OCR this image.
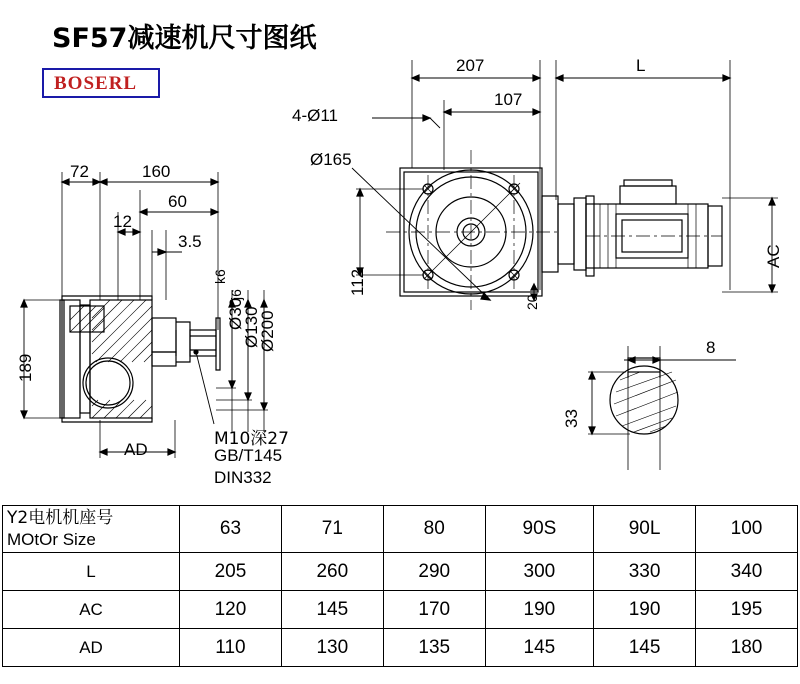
SF57减速机尺寸图纸
BOSERL
72	160
60
12
3.5
189
AD
Ø30
k6
Ø130
j6
Ø200
M10深27
GB/T145
DIN332
207	L
107
4-Ø11
Ø165
112
20
AC
8
33
Y2电机机座号
MOtOr Size	63	71	80	90S	90L	100
L	205	260	290	300	330	340
AC	120	145	170	190	190	195
AD	110	130	135	145	145	180
